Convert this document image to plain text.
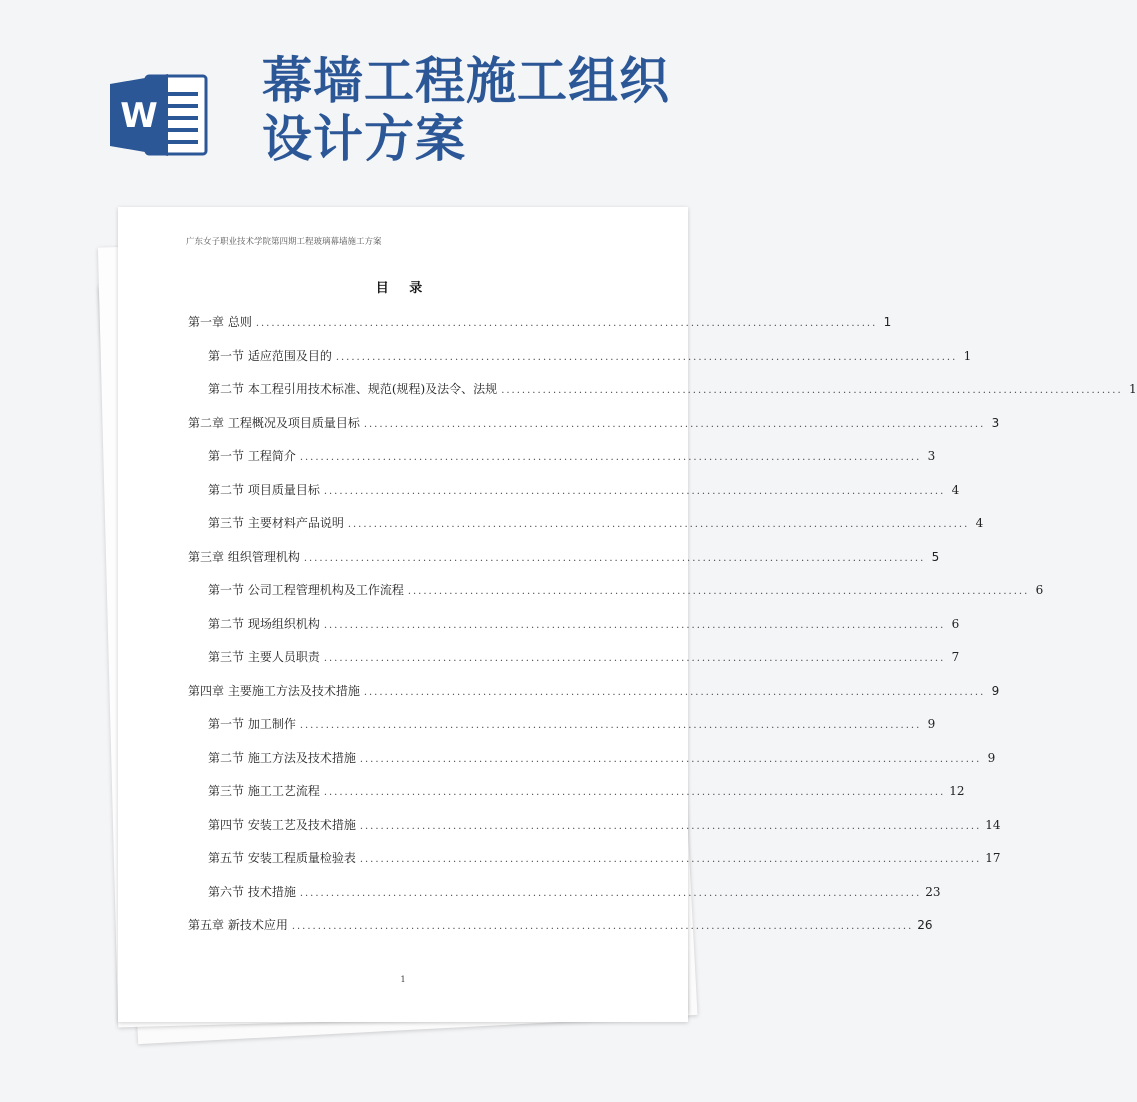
W
幕墙工程施工组织
设计方案
广东女子职业技术学院第四期工程玻璃幕墙施工方案
目 录
第一章 总则 ........................................................................................................................ 1
第一节 适应范围及目的 ........................................................................................................................ 1
第二节 本工程引用技术标准、规范(规程)及法令、法规 ........................................................................................................................ 1
第二章 工程概况及项目质量目标 ........................................................................................................................ 3
第一节 工程简介 ........................................................................................................................ 3
第二节 项目质量目标 ........................................................................................................................ 4
第三节 主要材料产品说明 ........................................................................................................................ 4
第三章 组织管理机构 ........................................................................................................................ 5
第一节 公司工程管理机构及工作流程 ........................................................................................................................ 6
第二节 现场组织机构 ........................................................................................................................ 6
第三节 主要人员职责 ........................................................................................................................ 7
第四章 主要施工方法及技术措施 ........................................................................................................................ 9
第一节 加工制作 ........................................................................................................................ 9
第二节 施工方法及技术措施 ........................................................................................................................ 9
第三节 施工工艺流程 ........................................................................................................................ 12
第四节 安装工艺及技术措施 ........................................................................................................................ 14
第五节 安装工程质量检验表 ........................................................................................................................ 17
第六节 技术措施 ........................................................................................................................ 23
第五章 新技术应用 ........................................................................................................................ 26
1
